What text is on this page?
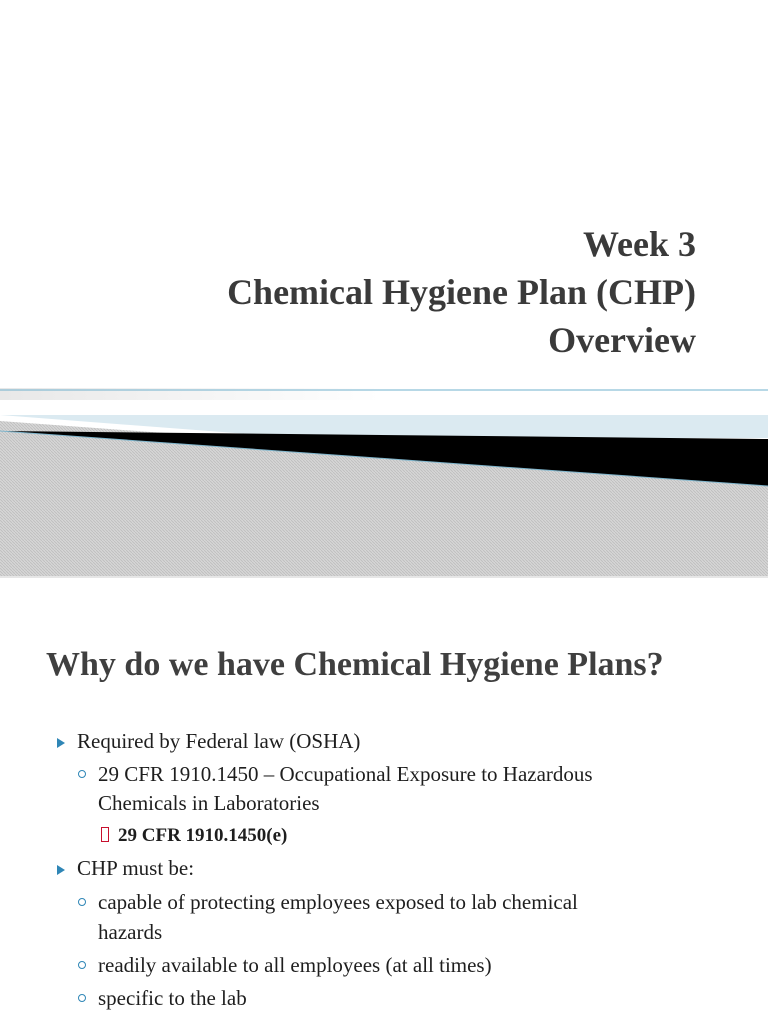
Week 3
Chemical Hygiene Plan (CHP)
Overview
Why do we have Chemical Hygiene Plans?
Required by Federal law (OSHA)
29 CFR 1910.1450 – Occupational Exposure to Hazardous
Chemicals in Laboratories
29 CFR 1910.1450(e)
CHP must be:
capable of protecting employees exposed to lab chemical
hazards
readily available to all employees (at all times)
specific to the lab
